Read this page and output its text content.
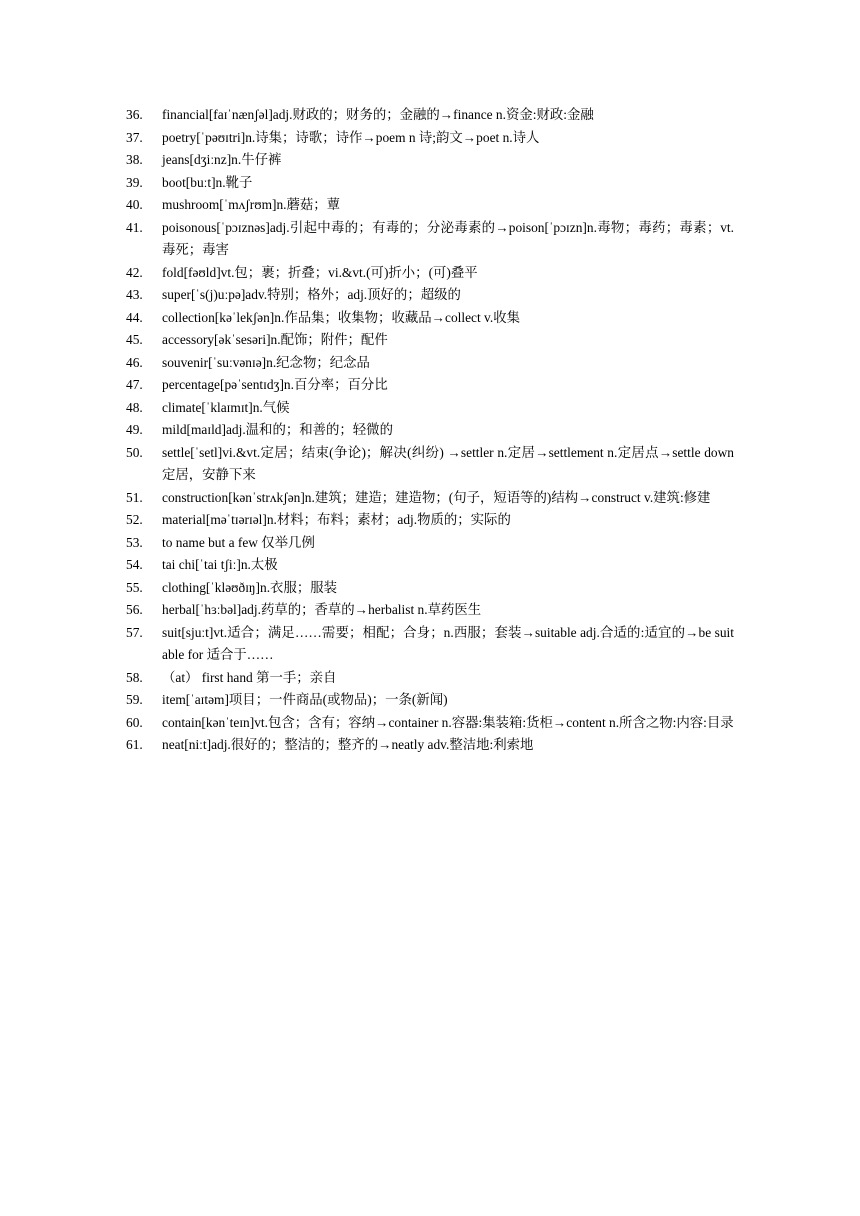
36.	financial[faɪˈnænʃəl]adj.财政的；财务的；金融的→finance n.资金:财政:金融
37.	poetry[ˈpəʊɪtri]n.诗集；诗歌；诗作→poem n 诗;韵文→poet n.诗人
38.	jeans[dʒiːnz]n.牛仔裤
39.	boot[buːt]n.靴子
40.	mushroom[ˈmʌʃrʊm]n.蘑菇；蕈
41.	poisonous[ˈpɔɪznəs]adj.引起中毒的；有毒的；分泌毒素的→poison[ˈpɔɪzn]n.毒物；毒药；毒素；vt.毒死；毒害
42.	fold[fəʊld]vt.包；裹；折叠；vi.&vt.(可)折小；(可)叠平
43.	super[ˈs(j)uːpə]adv.特别；格外；adj.顶好的；超级的
44.	collection[kəˈlekʃən]n.作品集；收集物；收藏品→collect v.收集
45.	accessory[əkˈsesəri]n.配饰；附件；配件
46.	souvenir[ˈsuːvənɪə]n.纪念物；纪念品
47.	percentage[pəˈsentɪdʒ]n.百分率；百分比
48.	climate[ˈklaɪmɪt]n.气候
49.	mild[maɪld]adj.温和的；和善的；轻微的
50.	settle[ˈsetl]vi.&vt.定居；结束(争论)；解决(纠纷) →settler n.定居→settlement n.定居点→settle down 定居，安静下来
51.	construction[kənˈstrʌkʃən]n.建筑；建造；建造物；(句子，短语等的)结构→construct v.建筑:修建
52.	material[məˈtɪərɪəl]n.材料；布料；素材；adj.物质的；实际的
53.	to name but a few 仅举几例
54.	tai chi[ˈtai tʃiː]n.太极
55.	clothing[ˈkləʊðɪŋ]n.衣服；服装
56.	herbal[ˈhɜːbəl]adj.药草的；香草的→herbalist n.草药医生
57.	suit[sjuːt]vt.适合；满足……需要；相配；合身；n.西服；套装→suitable adj.合适的:适宜的→be suitable for 适合于……
58.	（at） first hand 第一手；亲自
59.	item[ˈaɪtəm]项目；一件商品(或物品)；一条(新闻)
60.	contain[kənˈteɪn]vt.包含；含有；容纳→container n.容器:集装箱:货柜→content n.所含之物:内容:目录
61.	neat[niːt]adj.很好的；整洁的；整齐的→neatly adv.整洁地:利索地
